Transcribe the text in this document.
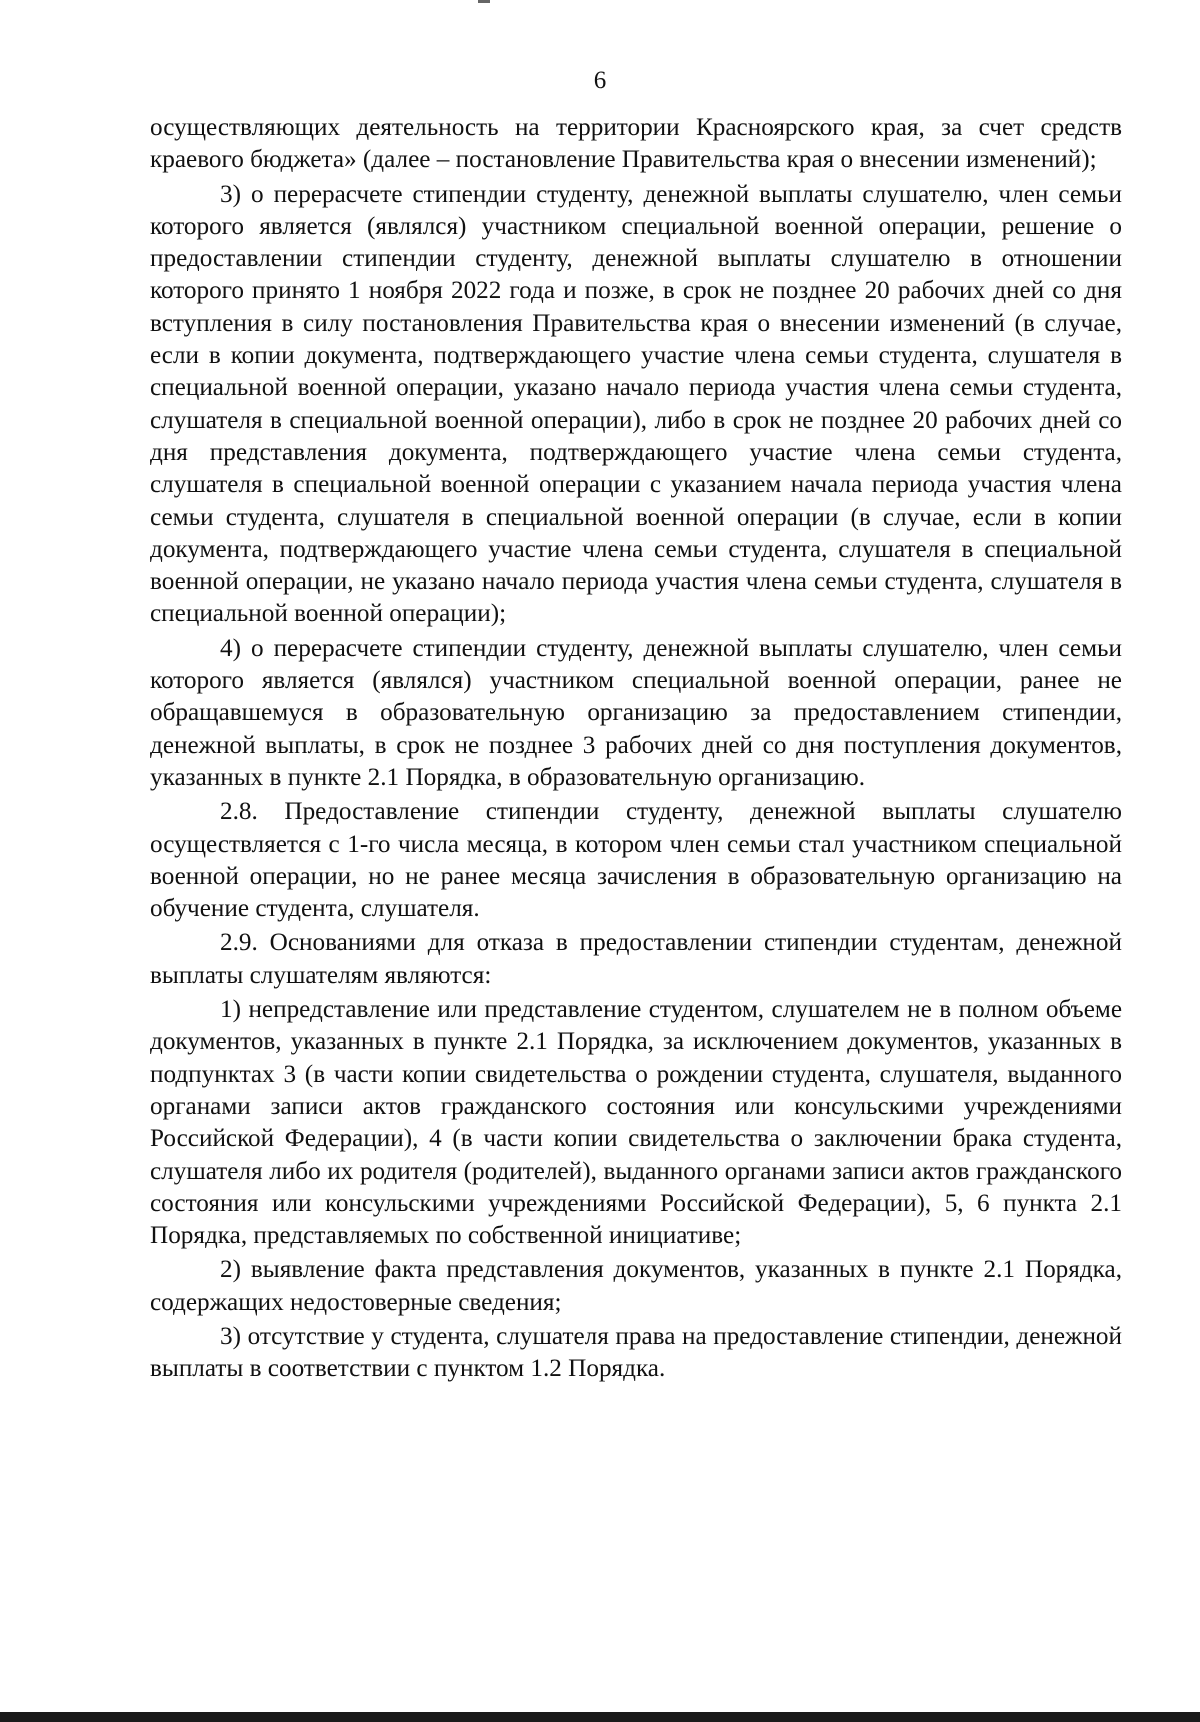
6

осуществляющих деятельность на территории Красноярского края, за счет средств краевого бюджета» (далее – постановление Правительства края о внесении изменений);

3) о перерасчете стипендии студенту, денежной выплаты слушателю, член семьи которого является (являлся) участником специальной военной операции, решение о предоставлении стипендии студенту, денежной выплаты слушателю в отношении которого принято 1 ноября 2022 года и позже, в срок не позднее 20 рабочих дней со дня вступления в силу постановления Правительства края о внесении изменений (в случае, если в копии документа, подтверждающего участие члена семьи студента, слушателя в специальной военной операции, указано начало периода участия члена семьи студента, слушателя в специальной военной операции), либо в срок не позднее 20 рабочих дней со дня представления документа, подтверждающего участие члена семьи студента, слушателя в специальной военной операции с указанием начала периода участия члена семьи студента, слушателя в специальной военной операции (в случае, если в копии документа, подтверждающего участие члена семьи студента, слушателя в специальной военной операции, не указано начало периода участия члена семьи студента, слушателя в специальной военной операции);

4) о перерасчете стипендии студенту, денежной выплаты слушателю, член семьи которого является (являлся) участником специальной военной операции, ранее не обращавшемуся в образовательную организацию за предоставлением стипендии, денежной выплаты, в срок не позднее 3 рабочих дней со дня поступления документов, указанных в пункте 2.1 Порядка, в образовательную организацию.

2.8. Предоставление стипендии студенту, денежной выплаты слушателю осуществляется с 1-го числа месяца, в котором член семьи стал участником специальной военной операции, но не ранее месяца зачисления в образовательную организацию на обучение студента, слушателя.

2.9. Основаниями для отказа в предоставлении стипендии студентам, денежной выплаты слушателям являются:

1) непредставление или представление студентом, слушателем не в полном объеме документов, указанных в пункте 2.1 Порядка, за исключением документов, указанных в подпунктах 3 (в части копии свидетельства о рождении студента, слушателя, выданного органами записи актов гражданского состояния или консульскими учреждениями Российской Федерации), 4 (в части копии свидетельства о заключении брака студента, слушателя либо их родителя (родителей), выданного органами записи актов гражданского состояния или консульскими учреждениями Российской Федерации), 5, 6 пункта 2.1 Порядка, представляемых по собственной инициативе;

2) выявление факта представления документов, указанных в пункте 2.1 Порядка, содержащих недостоверные сведения;

3) отсутствие у студента, слушателя права на предоставление стипендии, денежной выплаты в соответствии с пунктом 1.2 Порядка.
